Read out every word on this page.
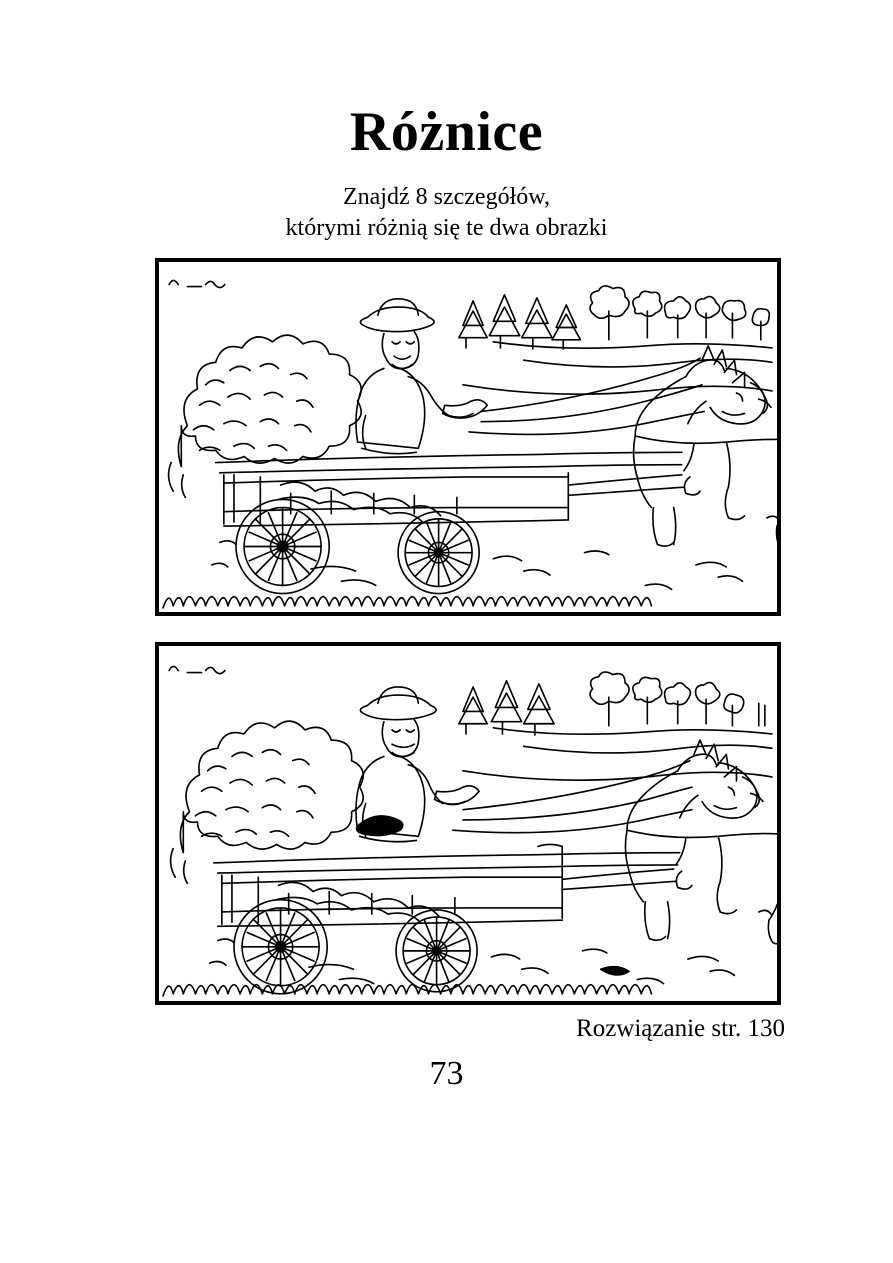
Różnice
Znajdź 8 szczegółów,
którymi różnią się te dwa obrazki
Rozwiązanie str. 130
73
